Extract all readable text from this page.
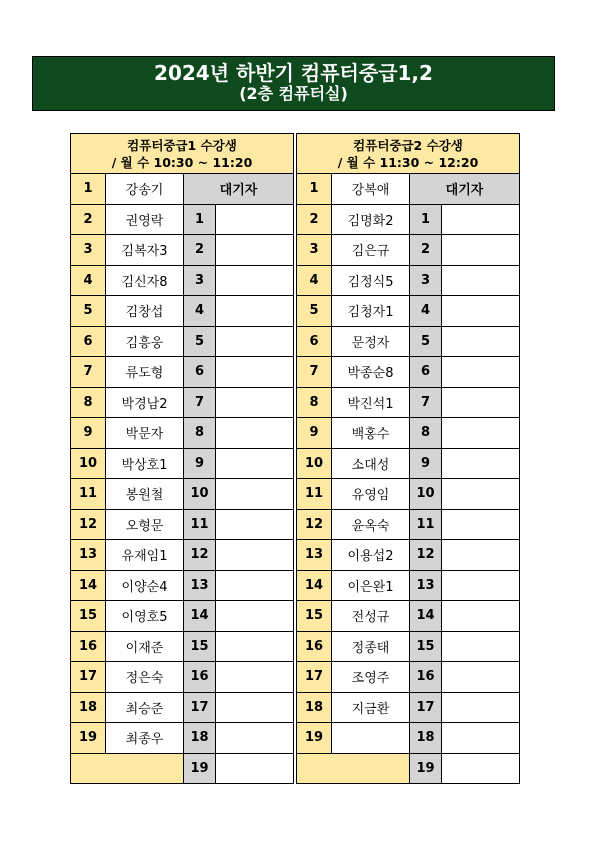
2024년 하반기 컴퓨터중급1,2
(2층 컴퓨터실)
컴퓨터중급1 수강생
/ 월 수 10:30 ~ 11:20			

1	강송기	대기자	
2	권영락	1	
3	김복자3	2	
4	김신자8	3	
5	김창섭	4	
6	김흥웅	5	
7	류도형	6	
8	박경남2	7	
9	박문자	8	
10	박상호1	9	
11	봉원철	10	
12	오형문	11	
13	유재임1	12	
14	이양순4	13	
15	이영호5	14	
16	이재준	15	
17	정은숙	16	
18	최승준	17	
19	최종우	18	
		19	
컴퓨터중급2 수강생
/ 월 수 11:30 ~ 12:20			

1	강복애	대기자	
2	김명화2	1	
3	김은규	2	
4	김정식5	3	
5	김청자1	4	
6	문정자	5	
7	박종순8	6	
8	박진석1	7	
9	백홍수	8	
10	소대성	9	
11	유영임	10	
12	윤옥숙	11	
13	이용섭2	12	
14	이은완1	13	
15	전성규	14	
16	정종태	15	
17	조영주	16	
18	지금환	17	
19		18	
		19	
